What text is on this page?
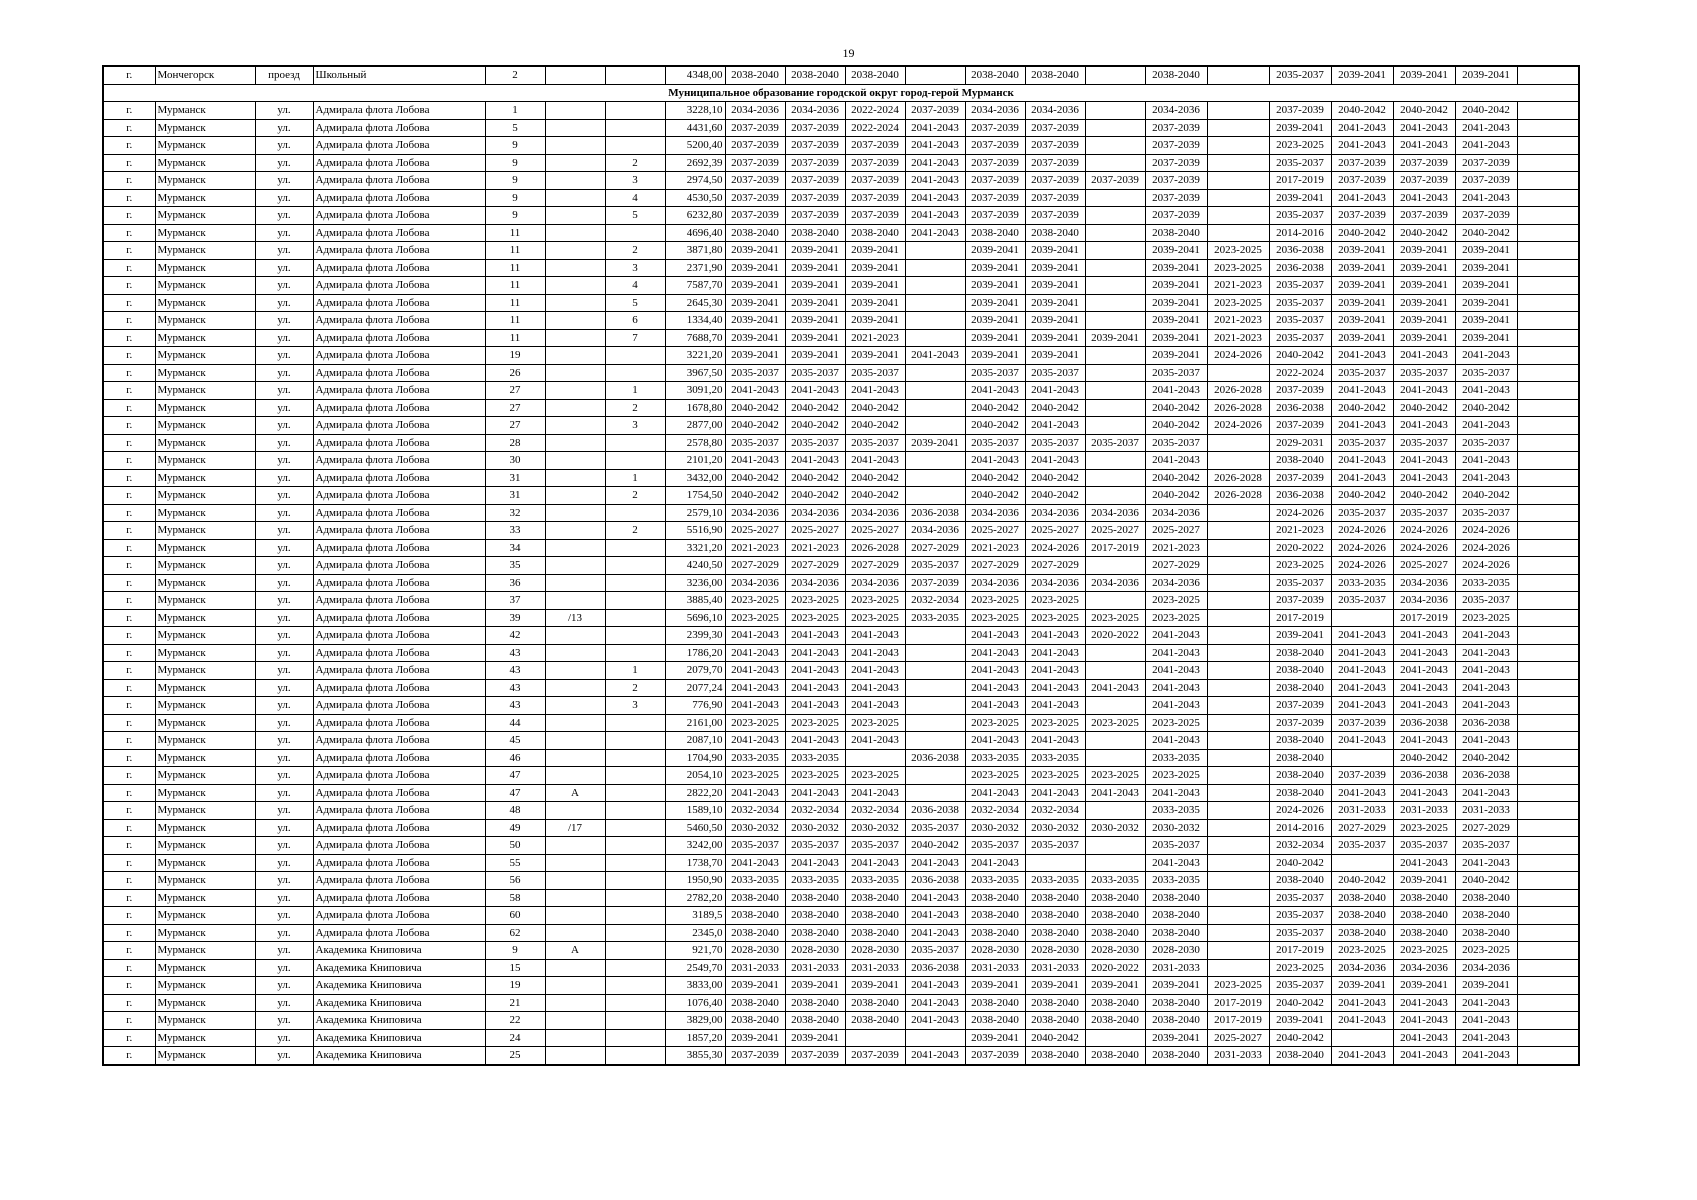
19
г.	Мончегорск	проезд	Школьный	2			4348,00	2038-2040	2038-2040	2038-2040		2038-2040	2038-2040		2038-2040		2035-2037	2039-2041	2039-2041	2039-2041	
Муниципальное образование городской округ город-герой Мурманск																					
г.	Мурманск	ул.	Адмирала флота Лобова	1			3228,10	2034-2036	2034-2036	2022-2024	2037-2039	2034-2036	2034-2036		2034-2036		2037-2039	2040-2042	2040-2042	2040-2042	
г.	Мурманск	ул.	Адмирала флота Лобова	5			4431,60	2037-2039	2037-2039	2022-2024	2041-2043	2037-2039	2037-2039		2037-2039		2039-2041	2041-2043	2041-2043	2041-2043	
г.	Мурманск	ул.	Адмирала флота Лобова	9			5200,40	2037-2039	2037-2039	2037-2039	2041-2043	2037-2039	2037-2039		2037-2039		2023-2025	2041-2043	2041-2043	2041-2043	
г.	Мурманск	ул.	Адмирала флота Лобова	9		2	2692,39	2037-2039	2037-2039	2037-2039	2041-2043	2037-2039	2037-2039		2037-2039		2035-2037	2037-2039	2037-2039	2037-2039	
г.	Мурманск	ул.	Адмирала флота Лобова	9		3	2974,50	2037-2039	2037-2039	2037-2039	2041-2043	2037-2039	2037-2039	2037-2039	2037-2039		2017-2019	2037-2039	2037-2039	2037-2039	
г.	Мурманск	ул.	Адмирала флота Лобова	9		4	4530,50	2037-2039	2037-2039	2037-2039	2041-2043	2037-2039	2037-2039		2037-2039		2039-2041	2041-2043	2041-2043	2041-2043	
г.	Мурманск	ул.	Адмирала флота Лобова	9		5	6232,80	2037-2039	2037-2039	2037-2039	2041-2043	2037-2039	2037-2039		2037-2039		2035-2037	2037-2039	2037-2039	2037-2039	
г.	Мурманск	ул.	Адмирала флота Лобова	11			4696,40	2038-2040	2038-2040	2038-2040	2041-2043	2038-2040	2038-2040		2038-2040		2014-2016	2040-2042	2040-2042	2040-2042	
г.	Мурманск	ул.	Адмирала флота Лобова	11		2	3871,80	2039-2041	2039-2041	2039-2041		2039-2041	2039-2041		2039-2041	2023-2025	2036-2038	2039-2041	2039-2041	2039-2041	
г.	Мурманск	ул.	Адмирала флота Лобова	11		3	2371,90	2039-2041	2039-2041	2039-2041		2039-2041	2039-2041		2039-2041	2023-2025	2036-2038	2039-2041	2039-2041	2039-2041	
г.	Мурманск	ул.	Адмирала флота Лобова	11		4	7587,70	2039-2041	2039-2041	2039-2041		2039-2041	2039-2041		2039-2041	2021-2023	2035-2037	2039-2041	2039-2041	2039-2041	
г.	Мурманск	ул.	Адмирала флота Лобова	11		5	2645,30	2039-2041	2039-2041	2039-2041		2039-2041	2039-2041		2039-2041	2023-2025	2035-2037	2039-2041	2039-2041	2039-2041	
г.	Мурманск	ул.	Адмирала флота Лобова	11		6	1334,40	2039-2041	2039-2041	2039-2041		2039-2041	2039-2041		2039-2041	2021-2023	2035-2037	2039-2041	2039-2041	2039-2041	
г.	Мурманск	ул.	Адмирала флота Лобова	11		7	7688,70	2039-2041	2039-2041	2021-2023		2039-2041	2039-2041	2039-2041	2039-2041	2021-2023	2035-2037	2039-2041	2039-2041	2039-2041	
г.	Мурманск	ул.	Адмирала флота Лобова	19			3221,20	2039-2041	2039-2041	2039-2041	2041-2043	2039-2041	2039-2041		2039-2041	2024-2026	2040-2042	2041-2043	2041-2043	2041-2043	
г.	Мурманск	ул.	Адмирала флота Лобова	26			3967,50	2035-2037	2035-2037	2035-2037		2035-2037	2035-2037		2035-2037		2022-2024	2035-2037	2035-2037	2035-2037	
г.	Мурманск	ул.	Адмирала флота Лобова	27		1	3091,20	2041-2043	2041-2043	2041-2043		2041-2043	2041-2043		2041-2043	2026-2028	2037-2039	2041-2043	2041-2043	2041-2043	
г.	Мурманск	ул.	Адмирала флота Лобова	27		2	1678,80	2040-2042	2040-2042	2040-2042		2040-2042	2040-2042		2040-2042	2026-2028	2036-2038	2040-2042	2040-2042	2040-2042	
г.	Мурманск	ул.	Адмирала флота Лобова	27		3	2877,00	2040-2042	2040-2042	2040-2042		2040-2042	2041-2043		2040-2042	2024-2026	2037-2039	2041-2043	2041-2043	2041-2043	
г.	Мурманск	ул.	Адмирала флота Лобова	28			2578,80	2035-2037	2035-2037	2035-2037	2039-2041	2035-2037	2035-2037	2035-2037	2035-2037		2029-2031	2035-2037	2035-2037	2035-2037	
г.	Мурманск	ул.	Адмирала флота Лобова	30			2101,20	2041-2043	2041-2043	2041-2043		2041-2043	2041-2043		2041-2043		2038-2040	2041-2043	2041-2043	2041-2043	
г.	Мурманск	ул.	Адмирала флота Лобова	31		1	3432,00	2040-2042	2040-2042	2040-2042		2040-2042	2040-2042		2040-2042	2026-2028	2037-2039	2041-2043	2041-2043	2041-2043	
г.	Мурманск	ул.	Адмирала флота Лобова	31		2	1754,50	2040-2042	2040-2042	2040-2042		2040-2042	2040-2042		2040-2042	2026-2028	2036-2038	2040-2042	2040-2042	2040-2042	
г.	Мурманск	ул.	Адмирала флота Лобова	32			2579,10	2034-2036	2034-2036	2034-2036	2036-2038	2034-2036	2034-2036	2034-2036	2034-2036		2024-2026	2035-2037	2035-2037	2035-2037	
г.	Мурманск	ул.	Адмирала флота Лобова	33		2	5516,90	2025-2027	2025-2027	2025-2027	2034-2036	2025-2027	2025-2027	2025-2027	2025-2027		2021-2023	2024-2026	2024-2026	2024-2026	
г.	Мурманск	ул.	Адмирала флота Лобова	34			3321,20	2021-2023	2021-2023	2026-2028	2027-2029	2021-2023	2024-2026	2017-2019	2021-2023		2020-2022	2024-2026	2024-2026	2024-2026	
г.	Мурманск	ул.	Адмирала флота Лобова	35			4240,50	2027-2029	2027-2029	2027-2029	2035-2037	2027-2029	2027-2029		2027-2029		2023-2025	2024-2026	2025-2027	2024-2026	
г.	Мурманск	ул.	Адмирала флота Лобова	36			3236,00	2034-2036	2034-2036	2034-2036	2037-2039	2034-2036	2034-2036	2034-2036	2034-2036		2035-2037	2033-2035	2034-2036	2033-2035	
г.	Мурманск	ул.	Адмирала флота Лобова	37			3885,40	2023-2025	2023-2025	2023-2025	2032-2034	2023-2025	2023-2025		2023-2025		2037-2039	2035-2037	2034-2036	2035-2037	
г.	Мурманск	ул.	Адмирала флота Лобова	39	/13		5696,10	2023-2025	2023-2025	2023-2025	2033-2035	2023-2025	2023-2025	2023-2025	2023-2025		2017-2019		2017-2019	2023-2025	
г.	Мурманск	ул.	Адмирала флота Лобова	42			2399,30	2041-2043	2041-2043	2041-2043		2041-2043	2041-2043	2020-2022	2041-2043		2039-2041	2041-2043	2041-2043	2041-2043	
г.	Мурманск	ул.	Адмирала флота Лобова	43			1786,20	2041-2043	2041-2043	2041-2043		2041-2043	2041-2043		2041-2043		2038-2040	2041-2043	2041-2043	2041-2043	
г.	Мурманск	ул.	Адмирала флота Лобова	43		1	2079,70	2041-2043	2041-2043	2041-2043		2041-2043	2041-2043		2041-2043		2038-2040	2041-2043	2041-2043	2041-2043	
г.	Мурманск	ул.	Адмирала флота Лобова	43		2	2077,24	2041-2043	2041-2043	2041-2043		2041-2043	2041-2043	2041-2043	2041-2043		2038-2040	2041-2043	2041-2043	2041-2043	
г.	Мурманск	ул.	Адмирала флота Лобова	43		3	776,90	2041-2043	2041-2043	2041-2043		2041-2043	2041-2043		2041-2043		2037-2039	2041-2043	2041-2043	2041-2043	
г.	Мурманск	ул.	Адмирала флота Лобова	44			2161,00	2023-2025	2023-2025	2023-2025		2023-2025	2023-2025	2023-2025	2023-2025		2037-2039	2037-2039	2036-2038	2036-2038	
г.	Мурманск	ул.	Адмирала флота Лобова	45			2087,10	2041-2043	2041-2043	2041-2043		2041-2043	2041-2043		2041-2043		2038-2040	2041-2043	2041-2043	2041-2043	
г.	Мурманск	ул.	Адмирала флота Лобова	46			1704,90	2033-2035	2033-2035		2036-2038	2033-2035	2033-2035		2033-2035		2038-2040		2040-2042	2040-2042	
г.	Мурманск	ул.	Адмирала флота Лобова	47			2054,10	2023-2025	2023-2025	2023-2025		2023-2025	2023-2025	2023-2025	2023-2025		2038-2040	2037-2039	2036-2038	2036-2038	
г.	Мурманск	ул.	Адмирала флота Лобова	47	А		2822,20	2041-2043	2041-2043	2041-2043		2041-2043	2041-2043	2041-2043	2041-2043		2038-2040	2041-2043	2041-2043	2041-2043	
г.	Мурманск	ул.	Адмирала флота Лобова	48			1589,10	2032-2034	2032-2034	2032-2034	2036-2038	2032-2034	2032-2034		2033-2035		2024-2026	2031-2033	2031-2033	2031-2033	
г.	Мурманск	ул.	Адмирала флота Лобова	49	/17		5460,50	2030-2032	2030-2032	2030-2032	2035-2037	2030-2032	2030-2032	2030-2032	2030-2032		2014-2016	2027-2029	2023-2025	2027-2029	
г.	Мурманск	ул.	Адмирала флота Лобова	50			3242,00	2035-2037	2035-2037	2035-2037	2040-2042	2035-2037	2035-2037		2035-2037		2032-2034	2035-2037	2035-2037	2035-2037	
г.	Мурманск	ул.	Адмирала флота Лобова	55			1738,70	2041-2043	2041-2043	2041-2043	2041-2043	2041-2043			2041-2043		2040-2042		2041-2043	2041-2043	
г.	Мурманск	ул.	Адмирала флота Лобова	56			1950,90	2033-2035	2033-2035	2033-2035	2036-2038	2033-2035	2033-2035	2033-2035	2033-2035		2038-2040	2040-2042	2039-2041	2040-2042	
г.	Мурманск	ул.	Адмирала флота Лобова	58			2782,20	2038-2040	2038-2040	2038-2040	2041-2043	2038-2040	2038-2040	2038-2040	2038-2040		2035-2037	2038-2040	2038-2040	2038-2040	
г.	Мурманск	ул.	Адмирала флота Лобова	60			3189,5	2038-2040	2038-2040	2038-2040	2041-2043	2038-2040	2038-2040	2038-2040	2038-2040		2035-2037	2038-2040	2038-2040	2038-2040	
г.	Мурманск	ул.	Адмирала флота Лобова	62			2345,0	2038-2040	2038-2040	2038-2040	2041-2043	2038-2040	2038-2040	2038-2040	2038-2040		2035-2037	2038-2040	2038-2040	2038-2040	
г.	Мурманск	ул.	Академика Книповича	9	А		921,70	2028-2030	2028-2030	2028-2030	2035-2037	2028-2030	2028-2030	2028-2030	2028-2030		2017-2019	2023-2025	2023-2025	2023-2025	
г.	Мурманск	ул.	Академика Книповича	15			2549,70	2031-2033	2031-2033	2031-2033	2036-2038	2031-2033	2031-2033	2020-2022	2031-2033		2023-2025	2034-2036	2034-2036	2034-2036	
г.	Мурманск	ул.	Академика Книповича	19			3833,00	2039-2041	2039-2041	2039-2041	2041-2043	2039-2041	2039-2041	2039-2041	2039-2041	2023-2025	2035-2037	2039-2041	2039-2041	2039-2041	
г.	Мурманск	ул.	Академика Книповича	21			1076,40	2038-2040	2038-2040	2038-2040	2041-2043	2038-2040	2038-2040	2038-2040	2038-2040	2017-2019	2040-2042	2041-2043	2041-2043	2041-2043	
г.	Мурманск	ул.	Академика Книповича	22			3829,00	2038-2040	2038-2040	2038-2040	2041-2043	2038-2040	2038-2040	2038-2040	2038-2040	2017-2019	2039-2041	2041-2043	2041-2043	2041-2043	
г.	Мурманск	ул.	Академика Книповича	24			1857,20	2039-2041	2039-2041			2039-2041	2040-2042		2039-2041	2025-2027	2040-2042		2041-2043	2041-2043	
г.	Мурманск	ул.	Академика Книповича	25			3855,30	2037-2039	2037-2039	2037-2039	2041-2043	2037-2039	2038-2040	2038-2040	2038-2040	2031-2033	2038-2040	2041-2043	2041-2043	2041-2043	
